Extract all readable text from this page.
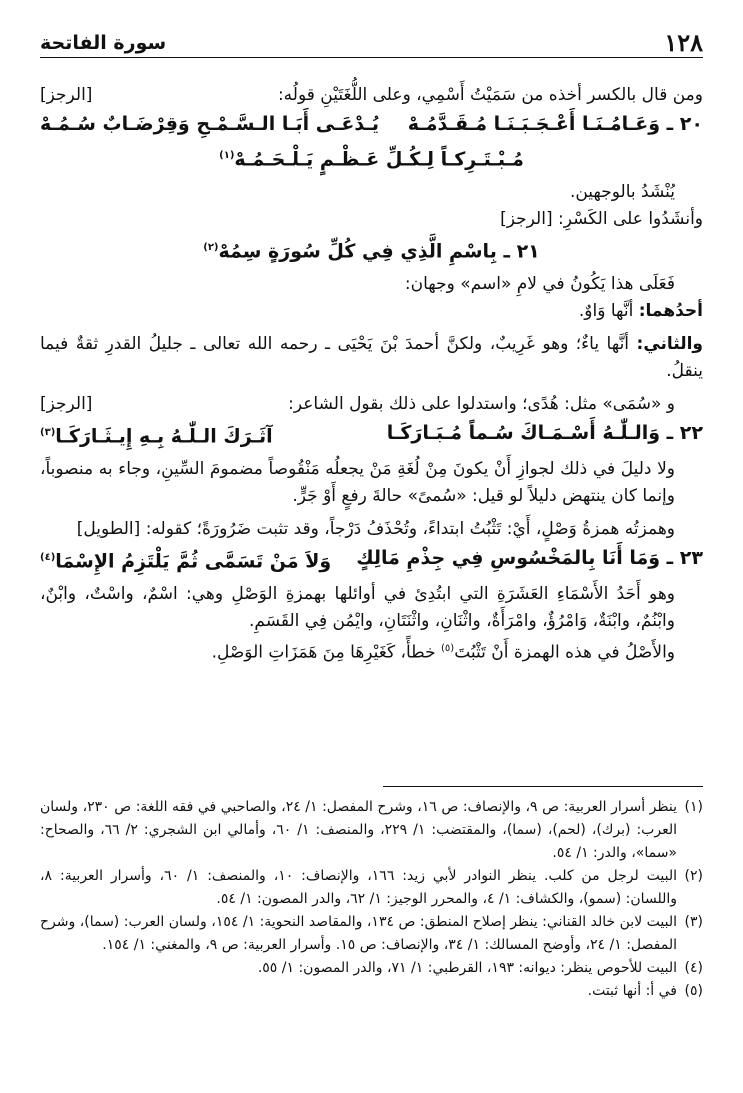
١٢٨
سورة الفاتحة

ومن قال بالكسر أخذه من سَمَيْتُ أَسْمِي، وعلى اللُّغَتَيْنِ قولُه:
[الرجز]

٢٠ ـ وَعَـامُـنَـا أَعْـجَـبَـنَـا مُـقَـدَّمُـهْ
يُـدْعَـى أَبَـا الـسَّـمْـحِ وَقِرْضَـابٌ سُـمُـهْ
مُـبْـتَـرِكـاً لِـكُـلِّ عَـظْـمٍ يَـلْـحَـمُـهْ$^{(١)}$

يُنْشَدُ بالوجهين.

وأنشَدُوا على الكَسْرِ: [الرجز]

٢١ ـ بِاسْمِ الَّذِي فِي كُلِّ سُورَةٍ سِمُهْ$^{(٢)}$

فَعَلَى هذا يَكُونُ في لامِ «اسم» وجهان:

أحدُهما: أنَّها وَاوٌ.

والثاني: أنَّها ياءٌ؛ وهو غَرِيبٌ، ولكنَّ أحمدَ بْنَ يَحْيَى ـ رحمه الله تعالى ـ جليلُ القدرِ ثقةٌ فيما ينقلُ.

و «سُمَى» مثل: هُدًى؛ واستدلوا على ذلك بقول الشاعر:
[الرجز]

٢٢ ـ وَالـلّٰـهُ أَسْـمَـاكَ سُـماً مُـبَـارَكَـا
آثَـرَكَ الـلّٰـهُ بِـهِ إِيـثَـارَكَـا$^{(٣)}$

ولا دليلَ في ذلك لجوازِ أَنْ يكونَ مِنْ لُغَةِ مَنْ يجعلُه مَنْقُوصاً مضمومَ السِّينِ، وجاء به منصوباً، وإنما كان ينتهض دليلاً لو قيل: «سُمىً» حالةَ رفعٍ أَوْ جَرٍّ.

وهمزتُه همزةُ وَصْلٍ، أَيْ: تَثْبُتُ ابتداءً، وتُحْذَفُ دَرْجاً، وقد تثبت ضَرُورَةً؛ كقوله: [الطويل]

٢٣ ـ وَمَا أَنَا بِالمَخْسُوسِ فِي جِذْمِ مَالِكٍ
وَلاَ مَنْ تَسَمَّى ثُمَّ يَلْتَزِمُ الإِسْمَا$^{(٤)}$

وهو أَحَدُ الأَسْمَاءِ العَشَرَةِ التي ابتُدِئ في أوائلها بهمزةِ الوَصْلِ وهي: اسْمٌ، واسْتٌ، وابْنٌ، وابْنُمٌ، وابْنَةٌ، وَامْرُؤٌ، وامْرَأَةٌ، واثْنَانِ، واثْنَتَانِ، وايْمُن فِي القَسَمِ.

والأَصْلُ في هذه الهمزة أَنْ تَثْبُتَ$^{(٥)}$ خطأً، كَغَيْرِهَا مِنَ هَمَزَاتِ الوَصْلِ.

(١)
ينظر أسرار العربية: ص ٩، والإنصاف: ص ١٦، وشرح المفصل: ١/ ٢٤، والصاحبي في فقه اللغة: ص ٢٣٠، ولسان العرب: (برك)، (لحم)، (سما)، والمقتضب: ١/ ٢٢٩، والمنصف: ١/ ٦٠، وأمالي ابن الشجري: ٢/ ٦٦، والصحاح: «سما»، والدر: ١/ ٥٤.

(٢)
البيت لرجل من كلب. ينظر النوادر لأبي زيد: ١٦٦، والإنصاف: ١٠، والمنصف: ١/ ٦٠، وأسرار العربية: ٨، واللسان: (سمو)، والكشاف: ١/ ٤، والمحرر الوجيز: ١/ ٦٢، والدر المصون: ١/ ٥٤.

(٣)
البيت لابن خالد القناني: ينظر إصلاح المنطق: ص ١٣٤، والمقاصد النحوية: ١/ ١٥٤، ولسان العرب: (سما)، وشرح المفصل: ١/ ٢٤، وأوضح المسالك: ١/ ٣٤، والإنصاف: ص ١٥. وأسرار العربية: ص ٩، والمغني: ١/ ١٥٤.

(٤)
البيت للأحوص ينظر: ديوانه: ١٩٣، القرطبي: ١/ ٧١، والدر المصون: ١/ ٥٥.

(٥)
في أ: أنها ثبتت.
